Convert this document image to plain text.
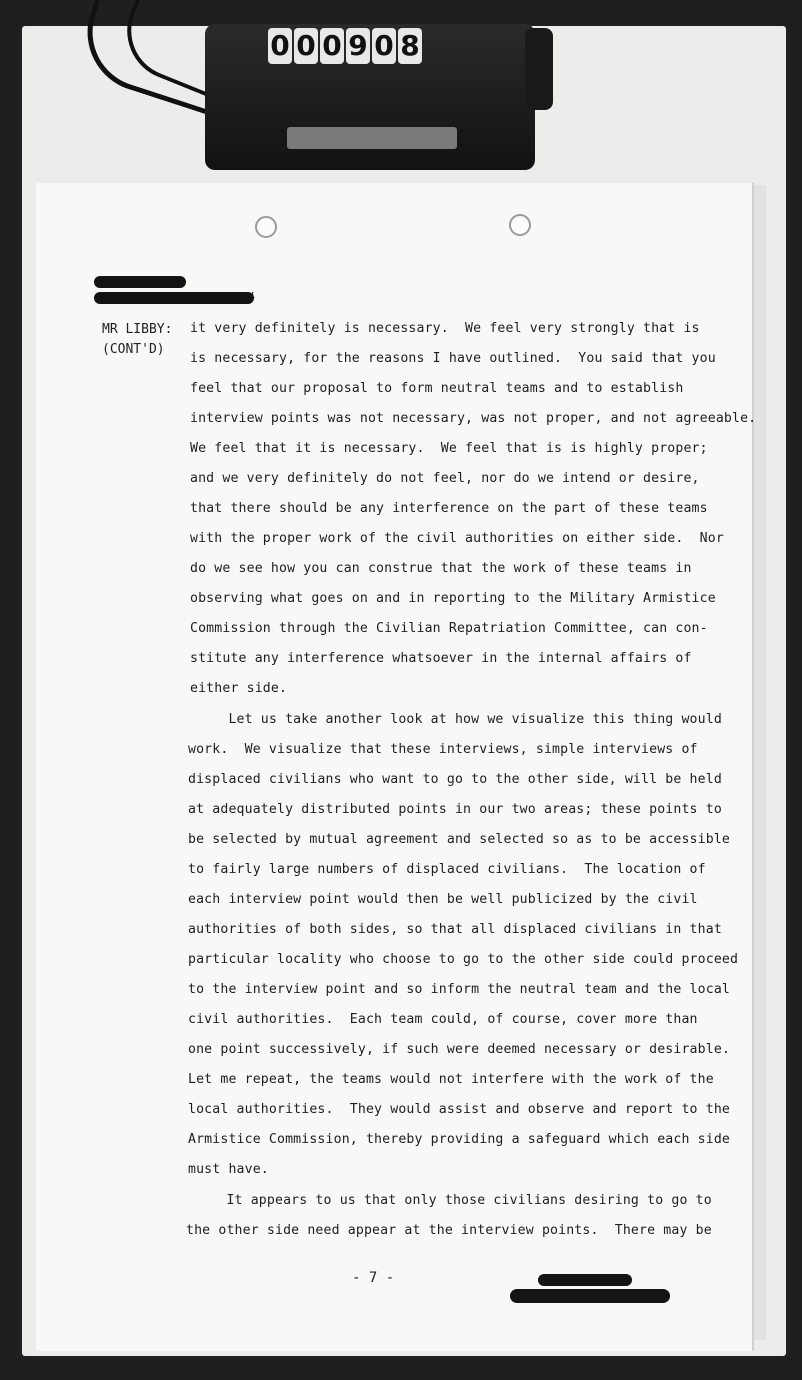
0 0 0 9 0 8
MR LIBBY:
(CONT'D)
it very definitely is necessary.  We feel very strongly that is
is necessary, for the reasons I have outlined.  You said that you
feel that our proposal to form neutral teams and to establish
interview points was not necessary, was not proper, and not agreeable.
We feel that it is necessary.  We feel that is is highly proper;
and we very definitely do not feel, nor do we intend or desire,
that there should be any interference on the part of these teams
with the proper work of the civil authorities on either side.  Nor
do we see how you can construe that the work of these teams in
observing what goes on and in reporting to the Military Armistice
Commission through the Civilian Repatriation Committee, can con-
stitute any interference whatsoever in the internal affairs of
either side.
Let us take another look at how we visualize this thing would
work.  We visualize that these interviews, simple interviews of
displaced civilians who want to go to the other side, will be held
at adequately distributed points in our two areas; these points to
be selected by mutual agreement and selected so as to be accessible
to fairly large numbers of displaced civilians.  The location of
each interview point would then be well publicized by the civil
authorities of both sides, so that all displaced civilians in that
particular locality who choose to go to the other side could proceed
to the interview point and so inform the neutral team and the local
civil authorities.  Each team could, of course, cover more than
one point successively, if such were deemed necessary or desirable.
Let me repeat, the teams would not interfere with the work of the
local authorities.  They would assist and observe and report to the
Armistice Commission, thereby providing a safeguard which each side
must have.
It appears to us that only those civilians desiring to go to
the other side need appear at the interview points.  There may be
- 7 -
